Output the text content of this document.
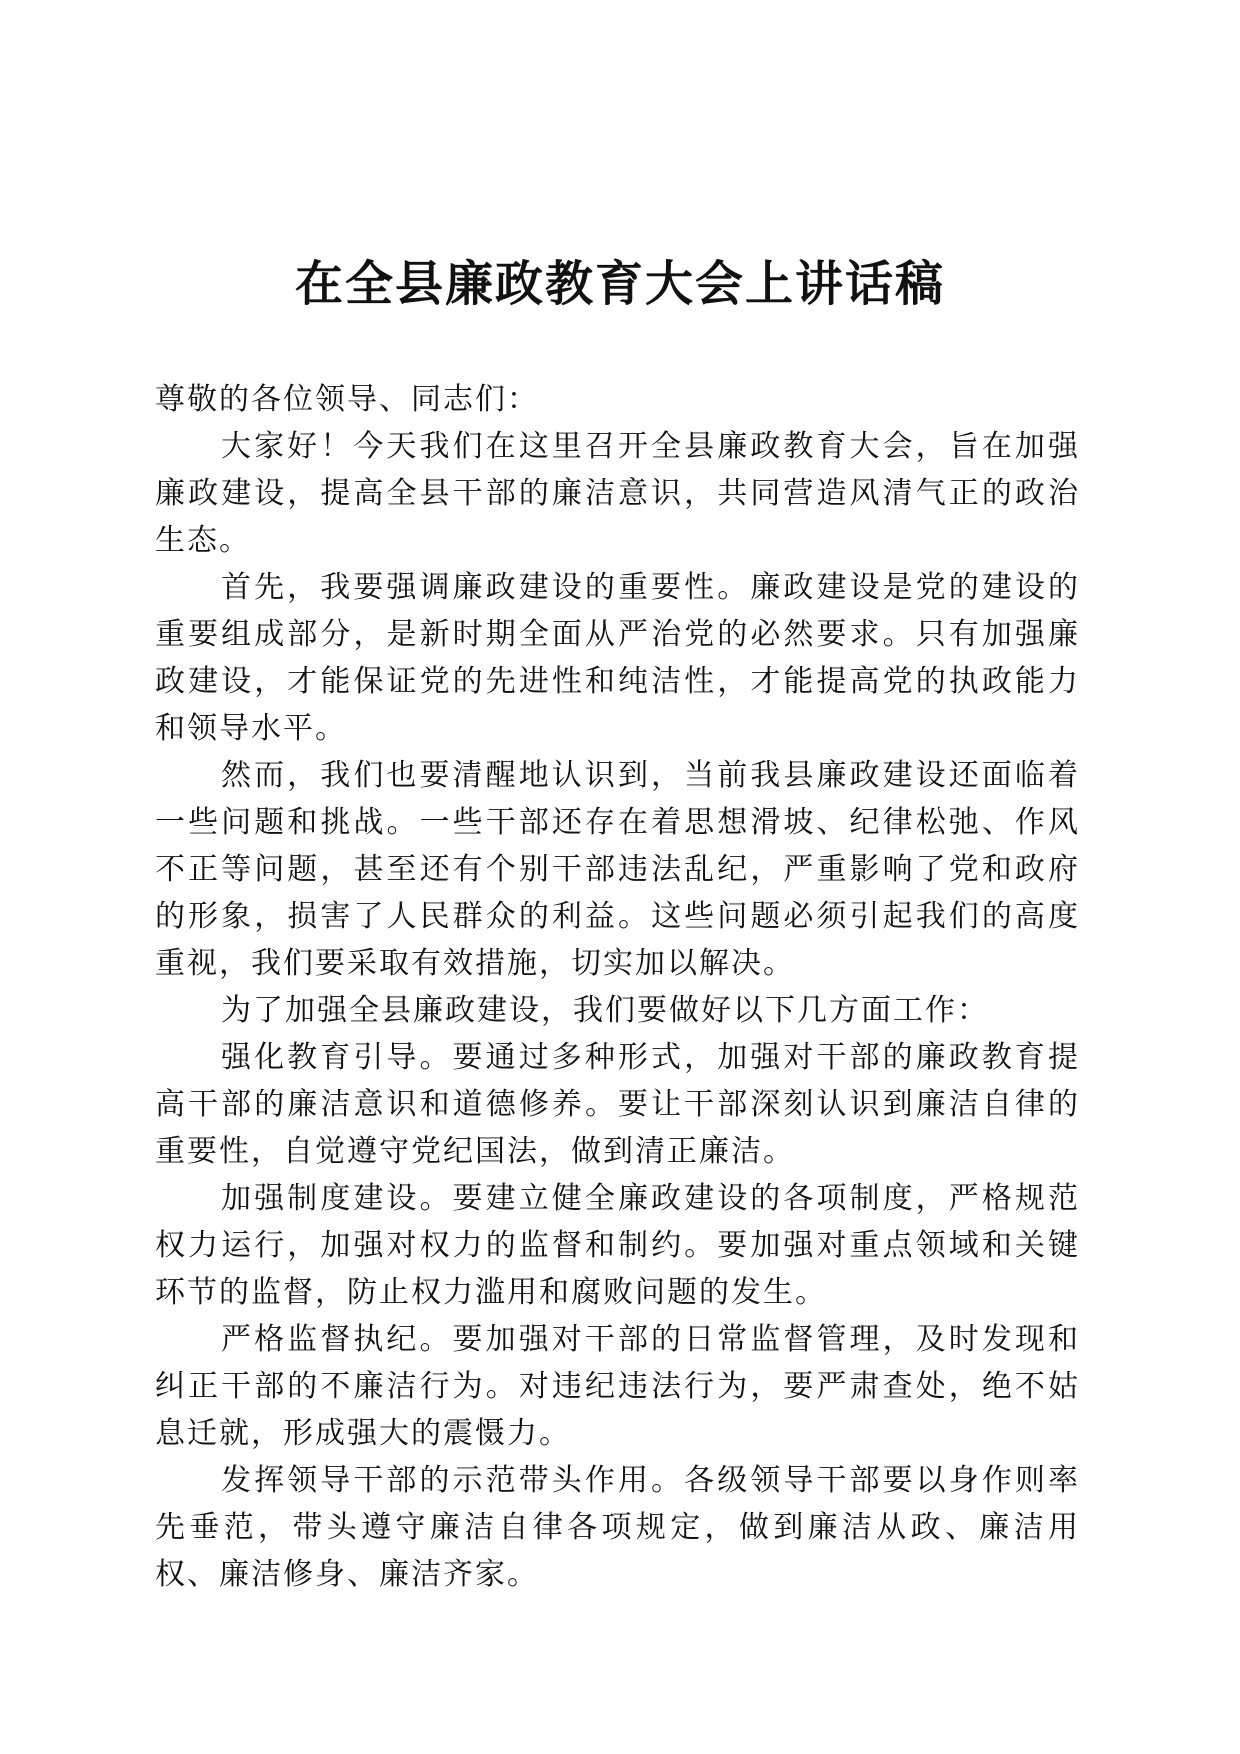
在全县廉政教育大会上讲话稿

尊敬的各位领导、同志们：

大家好！今天我们在这里召开全县廉政教育大会，旨在加强廉政建设，提高全县干部的廉洁意识，共同营造风清气正的政治生态。

首先，我要强调廉政建设的重要性。廉政建设是党的建设的重要组成部分，是新时期全面从严治党的必然要求。只有加强廉政建设，才能保证党的先进性和纯洁性，才能提高党的执政能力和领导水平。

然而，我们也要清醒地认识到，当前我县廉政建设还面临着一些问题和挑战。一些干部还存在着思想滑坡、纪律松弛、作风不正等问题，甚至还有个别干部违法乱纪，严重影响了党和政府的形象，损害了人民群众的利益。这些问题必须引起我们的高度重视，我们要采取有效措施，切实加以解决。

为了加强全县廉政建设，我们要做好以下几方面工作：

强化教育引导。要通过多种形式，加强对干部的廉政教育提高干部的廉洁意识和道德修养。要让干部深刻认识到廉洁自律的重要性，自觉遵守党纪国法，做到清正廉洁。

加强制度建设。要建立健全廉政建设的各项制度，严格规范权力运行，加强对权力的监督和制约。要加强对重点领域和关键环节的监督，防止权力滥用和腐败问题的发生。

严格监督执纪。要加强对干部的日常监督管理，及时发现和纠正干部的不廉洁行为。对违纪违法行为，要严肃查处，绝不姑息迁就，形成强大的震慑力。

发挥领导干部的示范带头作用。各级领导干部要以身作则率先垂范，带头遵守廉洁自律各项规定，做到廉洁从政、廉洁用权、廉洁修身、廉洁齐家。
